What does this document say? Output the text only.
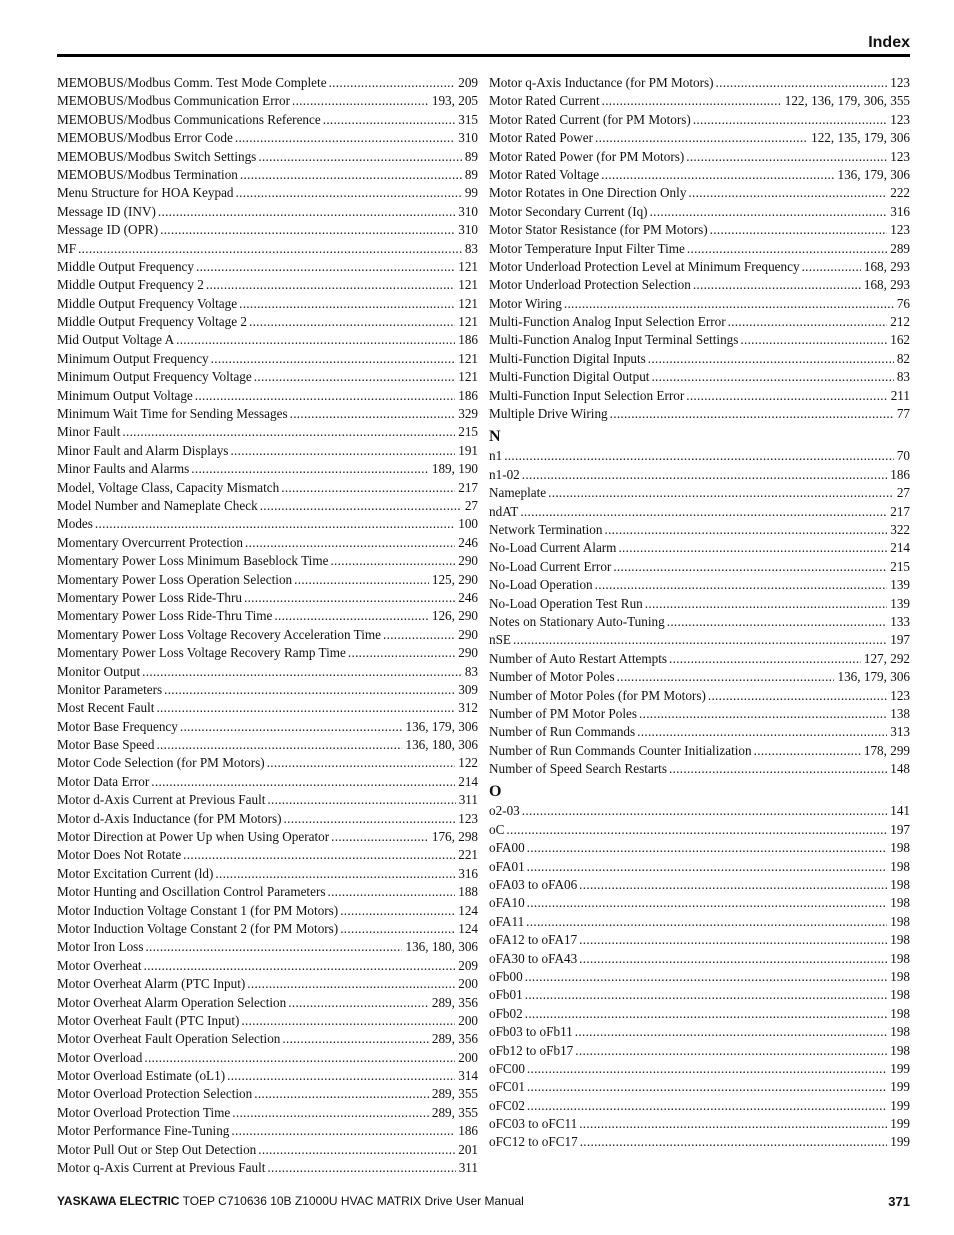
Index
MEMOBUS/Modbus Comm. Test Mode Complete . . .	209
MEMOBUS/Modbus Communication Error . . .	193, 205
MEMOBUS/Modbus Communications Reference . . .	315
MEMOBUS/Modbus Error Code . . .	310
MEMOBUS/Modbus Switch Settings . . .	89
MEMOBUS/Modbus Termination . . .	89
Menu Structure for HOA Keypad . . .	99
Message ID (INV) . . .	310
Message ID (OPR) . . .	310
MF . . .	83
Middle Output Frequency . . .	121
Middle Output Frequency 2 . . .	121
Middle Output Frequency Voltage . . .	121
Middle Output Frequency Voltage 2 . . .	121
Mid Output Voltage A . . .	186
Minimum Output Frequency . . .	121
Minimum Output Frequency Voltage . . .	121
Minimum Output Voltage . . .	186
Minimum Wait Time for Sending Messages . . .	329
Minor Fault . . .	215
Minor Fault and Alarm Displays . . .	191
Minor Faults and Alarms . . .	189, 190
Model, Voltage Class, Capacity Mismatch . . .	217
Model Number and Nameplate Check . . .	27
Modes . . .	100
Momentary Overcurrent Protection . . .	246
Momentary Power Loss Minimum Baseblock Time . . .	290
Momentary Power Loss Operation Selection . . .	125, 290
Momentary Power Loss Ride-Thru . . .	246
Momentary Power Loss Ride-Thru Time . . .	126, 290
Momentary Power Loss Voltage Recovery Acceleration Time . . .	290
Momentary Power Loss Voltage Recovery Ramp Time . . .	290
Monitor Output . . .	83
Monitor Parameters . . .	309
Most Recent Fault . . .	312
Motor Base Frequency . . .	136, 179, 306
Motor Base Speed . . .	136, 180, 306
Motor Code Selection (for PM Motors) . . .	122
Motor Data Error . . .	214
Motor d-Axis Current at Previous Fault . . .	311
Motor d-Axis Inductance (for PM Motors) . . .	123
Motor Direction at Power Up when Using Operator . . .	176, 298
Motor Does Not Rotate . . .	221
Motor Excitation Current (ld) . . .	316
Motor Hunting and Oscillation Control Parameters . . .	188
Motor Induction Voltage Constant 1 (for PM Motors) . . .	124
Motor Induction Voltage Constant 2 (for PM Motors) . . .	124
Motor Iron Loss . . .	136, 180, 306
Motor Overheat . . .	209
Motor Overheat Alarm (PTC Input) . . .	200
Motor Overheat Alarm Operation Selection . . .	289, 356
Motor Overheat Fault (PTC Input) . . .	200
Motor Overheat Fault Operation Selection . . .	289, 356
Motor Overload . . .	200
Motor Overload Estimate (oL1) . . .	314
Motor Overload Protection Selection . . .	289, 355
Motor Overload Protection Time . . .	289, 355
Motor Performance Fine-Tuning . . .	186
Motor Pull Out or Step Out Detection . . .	201
Motor q-Axis Current at Previous Fault . . .	311
Motor q-Axis Inductance (for PM Motors) . . .	123
Motor Rated Current . . .	122, 136, 179, 306, 355
Motor Rated Current (for PM Motors) . . .	123
Motor Rated Power . . .	122, 135, 179, 306
Motor Rated Power (for PM Motors) . . .	123
Motor Rated Voltage . . .	136, 179, 306
Motor Rotates in One Direction Only . . .	222
Motor Secondary Current (Iq) . . .	316
Motor Stator Resistance (for PM Motors) . . .	123
Motor Temperature Input Filter Time . . .	289
Motor Underload Protection Level at Minimum Frequency . . .	168, 293
Motor Underload Protection Selection . . .	168, 293
Motor Wiring . . .	76
Multi-Function Analog Input Selection Error . . .	212
Multi-Function Analog Input Terminal Settings . . .	162
Multi-Function Digital Inputs . . .	82
Multi-Function Digital Output . . .	83
Multi-Function Input Selection Error . . .	211
Multiple Drive Wiring . . .	77
N
n1 . . .	70
n1-02 . . .	186
Nameplate . . .	27
ndAT . . .	217
Network Termination . . .	322
No-Load Current Alarm . . .	214
No-Load Current Error . . .	215
No-Load Operation . . .	139
No-Load Operation Test Run . . .	139
Notes on Stationary Auto-Tuning . . .	133
nSE . . .	197
Number of Auto Restart Attempts . . .	127, 292
Number of Motor Poles . . .	136, 179, 306
Number of Motor Poles (for PM Motors) . . .	123
Number of PM Motor Poles . . .	138
Number of Run Commands . . .	313
Number of Run Commands Counter Initialization . . .	178, 299
Number of Speed Search Restarts . . .	148
O
o2-03 . . .	141
oC . . .	197
oFA00 . . .	198
oFA01 . . .	198
oFA03 to oFA06 . . .	198
oFA10 . . .	198
oFA11 . . .	198
oFA12 to oFA17 . . .	198
oFA30 to oFA43 . . .	198
oFb00 . . .	198
oFb01 . . .	198
oFb02 . . .	198
oFb03 to oFb11 . . .	198
oFb12 to oFb17 . . .	198
oFC00 . . .	199
oFC01 . . .	199
oFC02 . . .	199
oFC03 to oFC11 . . .	199
oFC12 to oFC17 . . .	199
YASKAWA ELECTRIC TOEP C710636 10B Z1000U HVAC MATRIX Drive User Manual	371
